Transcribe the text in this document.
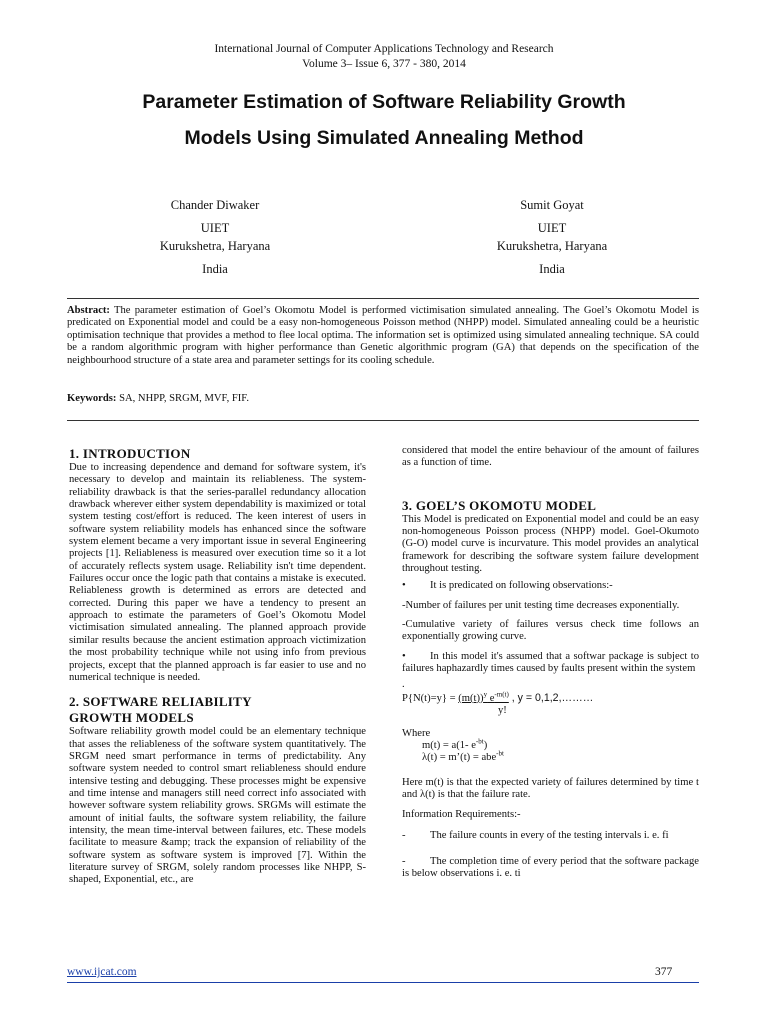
International Journal of Computer Applications Technology and Research
Volume 3– Issue 6, 377 - 380, 2014
Parameter Estimation of Software Reliability Growth
Models Using Simulated Annealing Method
Chander Diwaker
UIET
Kurukshetra, Haryana
India
Sumit Goyat
UIET
Kurukshetra, Haryana
India
Abstract: The parameter estimation of Goel’s Okomotu Model is performed victimisation simulated annealing. The Goel’s Okomotu Model is predicated on Exponential model and could be a easy non-homogeneous Poisson method (NHPP) model. Simulated annealing could be a heuristic optimisation technique that provides a method to flee local optima. The information set is optimized using simulated annealing technique. SA could be a random algorithmic program with higher performance than Genetic algorithmic program (GA) that depends on the specification of the neighbourhood structure of a state area and parameter settings for its cooling schedule.
Keywords: SA, NHPP, SRGM, MVF, FIF.
1. INTRODUCTION

Due to increasing dependence and demand for software system, it's necessary to develop and maintain its reliableness. The system-reliability drawback is that the series-parallel redundancy allocation drawback wherever either system dependability is maximized or total system testing cost/effort is reduced. The keen interest of users in software system reliability models has enhanced since the software system element became a very important issue in several Engineering projects [1]. Reliableness is measured over execution time so it a lot of accurately reflects system usage. Reliability isn't time dependent. Failures occur once the logic path that contains a mistake is executed. Reliableness growth is determined as errors are detected and corrected. During this paper we have a tendency to present an approach to estimate the parameters of Goel’s Okomotu Model victimisation simulated annealing. The planned approach provide similar results because the ancient estimation approach victimization the most probability technique while not using info from previous projects, except that the planned approach is far easier to use and no numerical technique is needed.

2. SOFTWARE RELIABILITY
GROWTH MODELS

Software reliability growth model could be an elementary technique that asses the reliableness of the software system quantitatively. The SRGM need smart performance in terms of predictability. Any software system needed to control smart reliableness should endure intensive testing and debugging. These processes might be expensive and time intense and managers still need correct info associated with however software system reliability grows. SRGMs will estimate the amount of initial faults, the software system reliability, the failure intensity, the mean time-interval between failures, etc. These models facilitate to measure &amp; track the expansion of reliability of the software system as software system is improved [7]. Within the literature survey of SRGM, solely random processes like NHPP, S-shaped, Exponential, etc., are

considered that model the entire behaviour of the amount of failures as a function of time.

3. GOEL’S OKOMOTU MODEL

This Model is predicated on Exponential model and could be an easy non-homogeneous Poisson process (NHPP) model. Goel-Okumoto (G-O) model curve is incurvature. This model provides an analytical framework for describing the software system failure development throughout testing.

• It is predicated on following observations:-

-Number of failures per unit testing time decreases exponentially.

-Cumulative variety of failures versus check time follows an exponentially growing curve.

• In this model it's assumed that a softwar package is subject to failures haphazardly times caused by faults present within the system

.

$P\{N(t)=y\} = (m(t))^y$ $e^{-m(t)}$ , y = 0,1,2,………
y!

Where

m(t) = a(1- $e^{-bt}$)

λ(t) = m’(t) = abe$^{-bt}$

Here m(t) is that the expected variety of failures determined by time t and λ(t) is that the failure rate.

Information Requirements:-

- The failure counts in every of the testing intervals i. e. fi

- The completion time of every period that the software package is below observations i. e. ti

www.ijcat.com	377
